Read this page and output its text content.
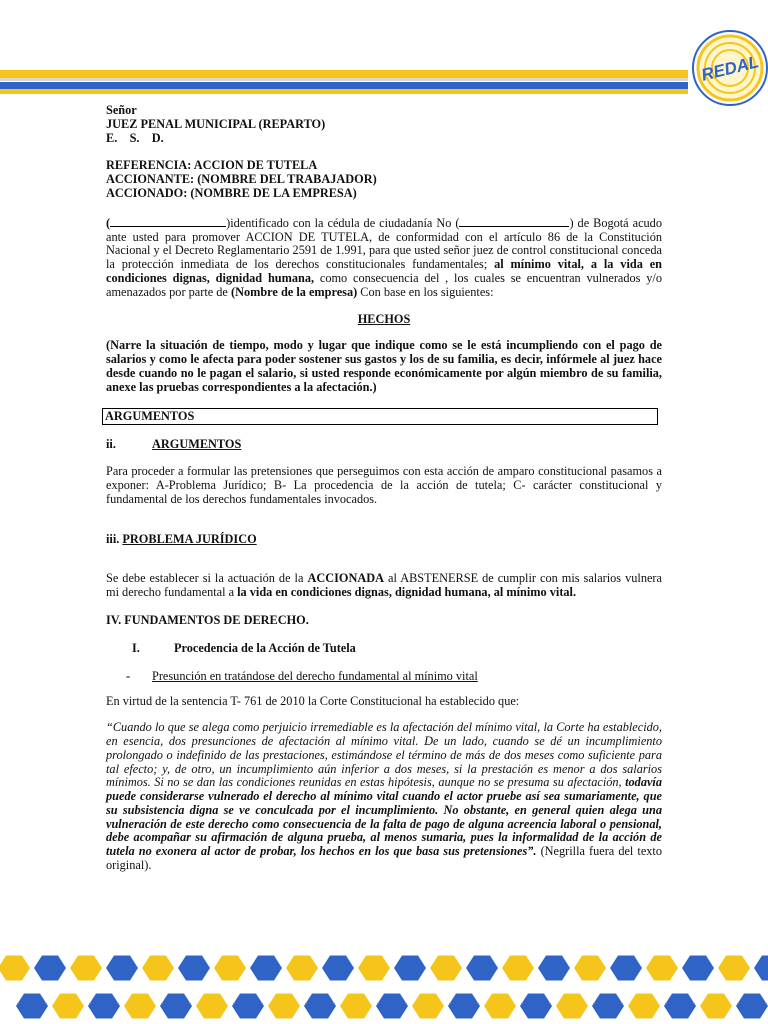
REDAL

Señor

JUEZ PENAL MUNICIPAL (REPARTO)

E.    S.    D.

REFERENCIA: ACCION DE TUTELA

ACCIONANTE: (NOMBRE DEL TRABAJADOR)

ACCIONADO: (NOMBRE DE LA EMPRESA)

(	)identificado con la cédula de ciudadanía No (	) de Bogotá acudo ante usted para promover ACCION DE TUTELA, de conformidad con el artículo 86 de la Constitución Nacional y el Decreto Reglamentario 2591 de 1.991, para que usted señor juez de control constitucional conceda la protección inmediata de los derechos constitucionales fundamentales; al mínimo vital, a la vida en condiciones dignas, dignidad humana, como consecuencia del , los cuales se encuentran vulnerados y/o amenazados por parte de (Nombre de la empresa) Con base en los siguientes:

HECHOS

(Narre la situación de tiempo, modo y lugar que indique como se le está incumpliendo con el pago de salarios y como le afecta para poder sostener sus gastos y los de su familia, es decir, infórmele al juez hace desde cuando no le pagan el salario, si usted responde económicamente por algún miembro de su familia, anexe las pruebas correspondientes a la afectación.)

ARGUMENTOS

ii.	ARGUMENTOS

Para proceder a formular las pretensiones que perseguimos con esta acción de amparo constitucional pasamos a exponer: A-Problema Jurídico; B- La procedencia de la acción de tutela; C- carácter constitucional y fundamental de los derechos fundamentales invocados.

iii. PROBLEMA JURÍDICO

Se debe establecer si la actuación de la ACCIONADA al ABSTENERSE de cumplir con mis salarios vulnera mi derecho fundamental a la vida en condiciones dignas, dignidad humana, al mínimo vital.

IV. FUNDAMENTOS DE DERECHO.

I.	Procedencia de la Acción de Tutela

- Presunción en tratándose del derecho fundamental al mínimo vital

En virtud de la sentencia T- 761 de 2010 la Corte Constitucional ha establecido que:

“Cuando lo que se alega como perjuicio irremediable es la afectación del mínimo vital, la Corte ha establecido, en esencia, dos presunciones de afectación al mínimo vital. De un lado, cuando se dé un incumplimiento prolongado o indefinido de las prestaciones, estimándose el término de más de dos meses como suficiente para tal efecto; y, de otro, un incumplimiento aún inferior a dos meses, si la prestación es menor a dos salarios mínimos. Si no se dan las condiciones reunidas en estas hipótesis, aunque no se presuma su afectación, todavía puede considerarse vulnerado el derecho al mínimo vital cuando el actor pruebe así sea sumariamente, que su subsistencia digna se ve conculcada por el incumplimiento. No obstante, en general quien alega una vulneración de este derecho como consecuencia de la falta de pago de alguna acreencia laboral o pensional, debe acompañar su afirmación de alguna prueba, al menos sumaria, pues la informalidad de la acción de tutela no exonera al actor de probar, los hechos en los que basa sus pretensiones”. (Negrilla fuera del texto original).
